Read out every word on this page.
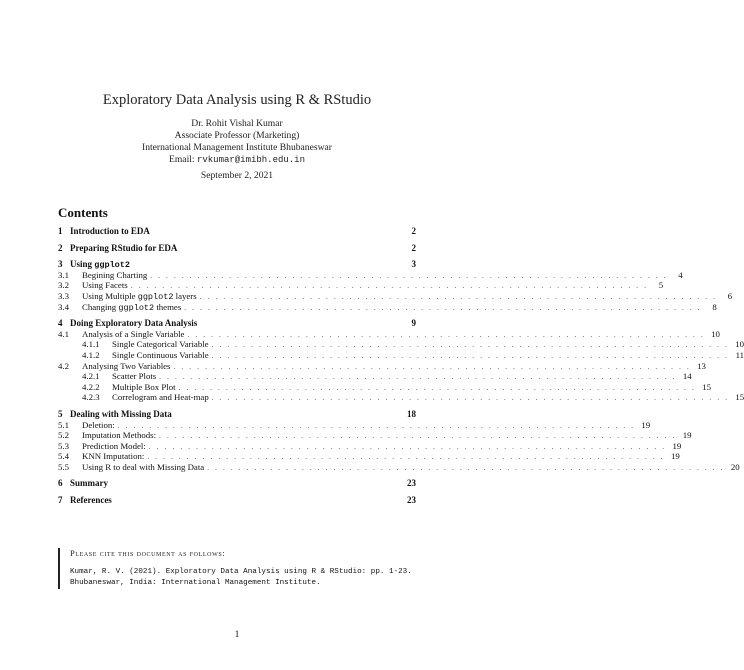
Exploratory Data Analysis using R & RStudio
Dr. Rohit Vishal Kumar
Associate Professor (Marketing)
International Management Institute Bhubaneswar
Email: rvkumar@imibh.edu.in
September 2, 2021
Contents
1 Introduction to EDA	2
2 Preparing RStudio for EDA	2
3 Using ggplot2	3
3.1	Begining Charting . . . . . . . . . . . . . . . . . . . . . . . . . . . . . . . . . . . . . . . . . . . . . . . . . . . . . . . . . . . . . . . . . .	4
3.2	Using Facets . . . . . . . . . . . . . . . . . . . . . . . . . . . . . . . . . . . . . . . . . . . . . . . . . . . . . . . . . . . . . . . . . .	5
3.3	Using Multiple ggplot2 layers . . . . . . . . . . . . . . . . . . . . . . . . . . . . . . . . . . . . . . . . . . . . . . . . . . . . . . . . . . . . . . . . . .	6
3.4	Changing ggplot2 themes . . . . . . . . . . . . . . . . . . . . . . . . . . . . . . . . . . . . . . . . . . . . . . . . . . . . . . . . . . . . . . . . . .	8
4 Doing Exploratory Data Analysis	9
4.1	Analysis of a Single Variable . . . . . . . . . . . . . . . . . . . . . . . . . . . . . . . . . . . . . . . . . . . . . . . . . . . . . . . . . . . . . . . . . . 10
4.1.1	Single Categorical Variable . . . . . . . . . . . . . . . . . . . . . . . . . . . . . . . . . . . . . . . . . . . . . . . . . . . . . . . . . . . . . . . . . . 10
4.1.2	Single Continuous Variable . . . . . . . . . . . . . . . . . . . . . . . . . . . . . . . . . . . . . . . . . . . . . . . . . . . . . . . . . . . . . . . . . . 11
4.2	Analysing Two Variables . . . . . . . . . . . . . . . . . . . . . . . . . . . . . . . . . . . . . . . . . . . . . . . . . . . . . . . . . . . . . . . . . . 13
4.2.1	Scatter Plots . . . . . . . . . . . . . . . . . . . . . . . . . . . . . . . . . . . . . . . . . . . . . . . . . . . . . . . . . . . . . . . . . . 14
4.2.2	Multiple Box Plot . . . . . . . . . . . . . . . . . . . . . . . . . . . . . . . . . . . . . . . . . . . . . . . . . . . . . . . . . . . . . . . . . . 15
4.2.3	Correlogram and Heat-map . . . . . . . . . . . . . . . . . . . . . . . . . . . . . . . . . . . . . . . . . . . . . . . . . . . . . . . . . . . . . . . . . . 15
5 Dealing with Missing Data	18
5.1	Deletion: . . . . . . . . . . . . . . . . . . . . . . . . . . . . . . . . . . . . . . . . . . . . . . . . . . . . . . . . . . . . . . . . . . 19
5.2	Imputation Methods: . . . . . . . . . . . . . . . . . . . . . . . . . . . . . . . . . . . . . . . . . . . . . . . . . . . . . . . . . . . . . . . . . . 19
5.3	Prediction Model: . . . . . . . . . . . . . . . . . . . . . . . . . . . . . . . . . . . . . . . . . . . . . . . . . . . . . . . . . . . . . . . . . . 19
5.4	KNN Imputation: . . . . . . . . . . . . . . . . . . . . . . . . . . . . . . . . . . . . . . . . . . . . . . . . . . . . . . . . . . . . . . . . . . 19
5.5	Using R to deal with Missing Data . . . . . . . . . . . . . . . . . . . . . . . . . . . . . . . . . . . . . . . . . . . . . . . . . . . . . . . . . . . . . . . . . . 20
6 Summary	23
7 References	23
Please cite this document as follows:
Kumar, R. V. (2021). Exploratory Data Analysis using R & RStudio: pp. 1-23.
Bhubaneswar, India: International Management Institute.
1
